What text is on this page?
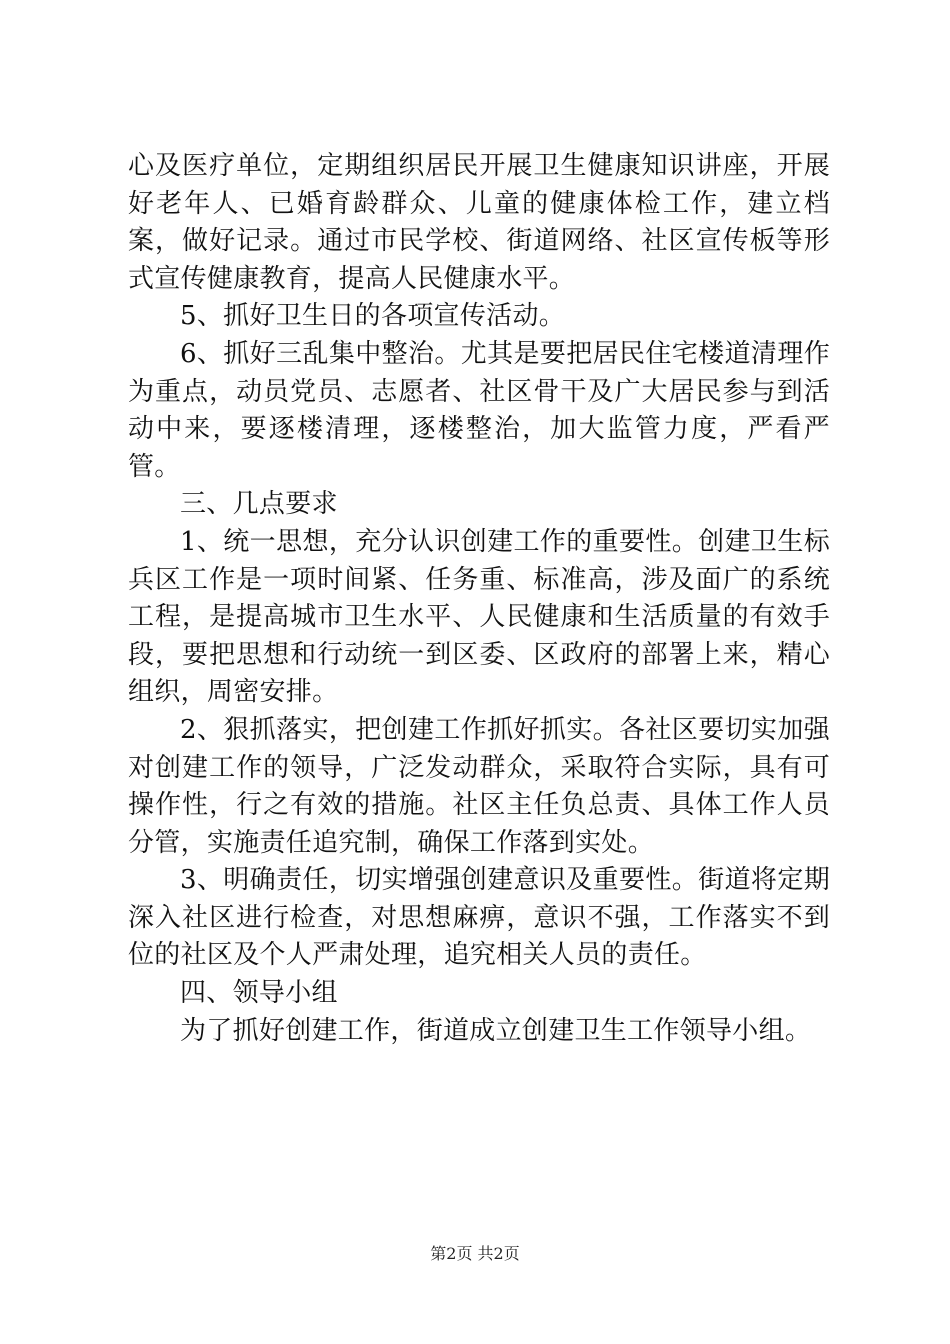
心及医疗单位，定期组织居民开展卫生健康知识讲座，开展好老年人、已婚育龄群众、儿童的健康体检工作，建立档案，做好记录。通过市民学校、街道网络、社区宣传板等形式宣传健康教育，提高人民健康水平。

5、抓好卫生日的各项宣传活动。

6、抓好三乱集中整治。尤其是要把居民住宅楼道清理作为重点，动员党员、志愿者、社区骨干及广大居民参与到活动中来，要逐楼清理，逐楼整治，加大监管力度，严看严管。

三、几点要求

1、统一思想，充分认识创建工作的重要性。创建卫生标兵区工作是一项时间紧、任务重、标准高，涉及面广的系统工程，是提高城市卫生水平、人民健康和生活质量的有效手段，要把思想和行动统一到区委、区政府的部署上来，精心组织，周密安排。

2、狠抓落实，把创建工作抓好抓实。各社区要切实加强对创建工作的领导，广泛发动群众，采取符合实际，具有可操作性，行之有效的措施。社区主任负总责、具体工作人员分管，实施责任追究制，确保工作落到实处。

3、明确责任，切实增强创建意识及重要性。街道将定期深入社区进行检查，对思想麻痹，意识不强，工作落实不到位的社区及个人严肃处理，追究相关人员的责任。

四、领导小组

为了抓好创建工作，街道成立创建卫生工作领导小组。

第2页 共2页
